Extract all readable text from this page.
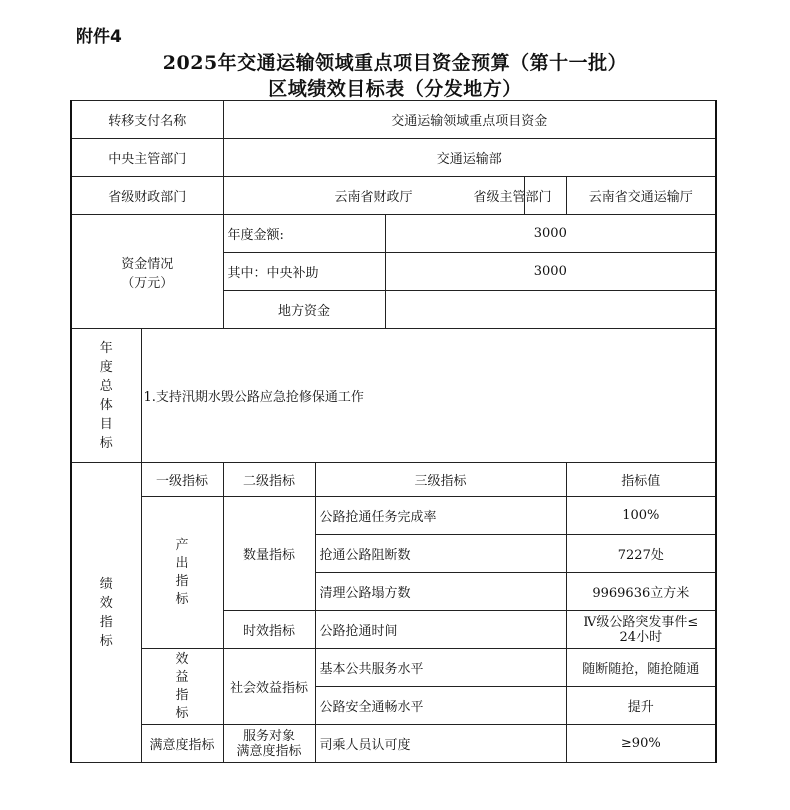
附件4
2025年交通运输领域重点项目资金预算（第十一批）
区域绩效目标表（分发地方）
转移支付名称		交通运输领域重点项目资金				
中央主管部门		交通运输部				
省级财政部门		云南省财政厅			省级主管部门	云南省交通运输厅

资金情况
（万元）		年度金额:		3000		
		其中：中央补助		3000		
		地方资金				
年度总体目标	1.支持汛期水毁公路应急抢修保通工作					
绩效指标	一级指标	二级指标	三级指标			指标值
	产出指标	数量指标	公路抢通任务完成率			100%
			抢通公路阻断数			7227处
			清理公路塌方数			9969636立方米
		时效指标	公路抢通时间			Ⅳ级公路突发事件≤
24小时

	效益指标	社会效益指标	基本公共服务水平			随断随抢，随抢随通
			公路安全通畅水平			提升
	满意度指标	服务对象
满意度指标	司乘人员认可度			≥90%
